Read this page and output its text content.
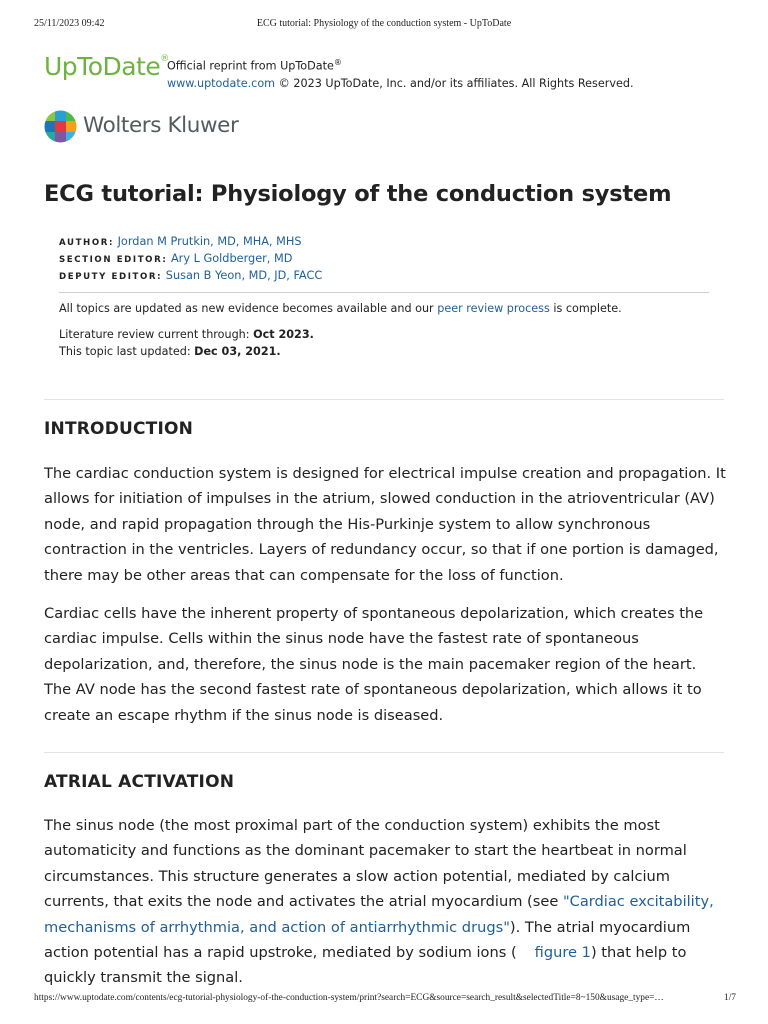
25/11/2023 09:42	ECG tutorial: Physiology of the conduction system - UpToDate
UpToDate®
Official reprint from UpToDate®
www.uptodate.com © 2023 UpToDate, Inc. and/or its affiliates. All Rights Reserved.
Wolters Kluwer
ECG tutorial: Physiology of the conduction system
AUTHOR: Jordan M Prutkin, MD, MHA, MHS
SECTION EDITOR: Ary L Goldberger, MD
DEPUTY EDITOR: Susan B Yeon, MD, JD, FACC
All topics are updated as new evidence becomes available and our peer review process is complete.
Literature review current through: Oct 2023.
This topic last updated: Dec 03, 2021.
INTRODUCTION

The cardiac conduction system is designed for electrical impulse creation and propagation. It allows for initiation of impulses in the atrium, slowed conduction in the atrioventricular (AV) node, and rapid propagation through the His-Purkinje system to allow synchronous contraction in the ventricles. Layers of redundancy occur, so that if one portion is damaged, there may be other areas that can compensate for the loss of function.

Cardiac cells have the inherent property of spontaneous depolarization, which creates the cardiac impulse. Cells within the sinus node have the fastest rate of spontaneous depolarization, and, therefore, the sinus node is the main pacemaker region of the heart. The AV node has the second fastest rate of spontaneous depolarization, which allows it to create an escape rhythm if the sinus node is diseased.

ATRIAL ACTIVATION

The sinus node (the most proximal part of the conduction system) exhibits the most automaticity and functions as the dominant pacemaker to start the heartbeat in normal circumstances. This structure generates a slow action potential, mediated by calcium currents, that exits the node and activates the atrial myocardium (see "Cardiac excitability, mechanisms of arrhythmia, and action of antiarrhythmic drugs"). The atrial myocardium action potential has a rapid upstroke, mediated by sodium ions ( figure 1) that help to quickly transmit the signal.

https://www.uptodate.com/contents/ecg-tutorial-physiology-of-the-conduction-system/print?search=ECG&source=search_result&selectedTitle=8~150&usage_type=…	1/7
